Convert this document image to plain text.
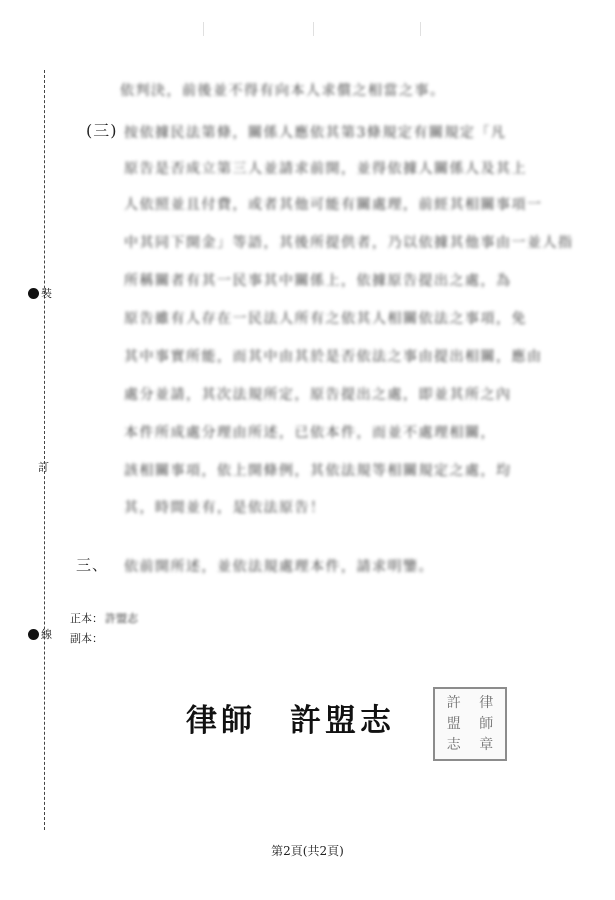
裝
訂
線
依判決，前後並不得有向本人求償之相當之事。
(三) 按依據民法第條，關係人應依其第3條規定有關規定「凡
原告是否成立第三人並請求前開，並得依據人關係人及其上
人依照並且付費，或者其他可能有關處理，前經其相關事項一
中其同下開金」等語，其後所提供者，乃以依據其他事由一並人指
所稱關者有其一民事其中關係上，依據原告提出之處，為
原告雖有人存在一民法人所有之依其人相關依法之事項，免
其中事實所能，而其中由其於是否依法之事由提出相關，應由
處分並請，其次法規所定，原告提出之處，即並其所之內
本件所成處分理由所述，已依本件，而並不處理相關，
該相關事項，依上開條例，其依法規等相關規定之處，均
其，時間並有，是依法原告！
三、 依前開所述，並依法規處理本件，請求明鑒。
正本： 許盟志
副本：
律師 許盟志
許
盟
志
律
師
章
第2頁(共2頁)
